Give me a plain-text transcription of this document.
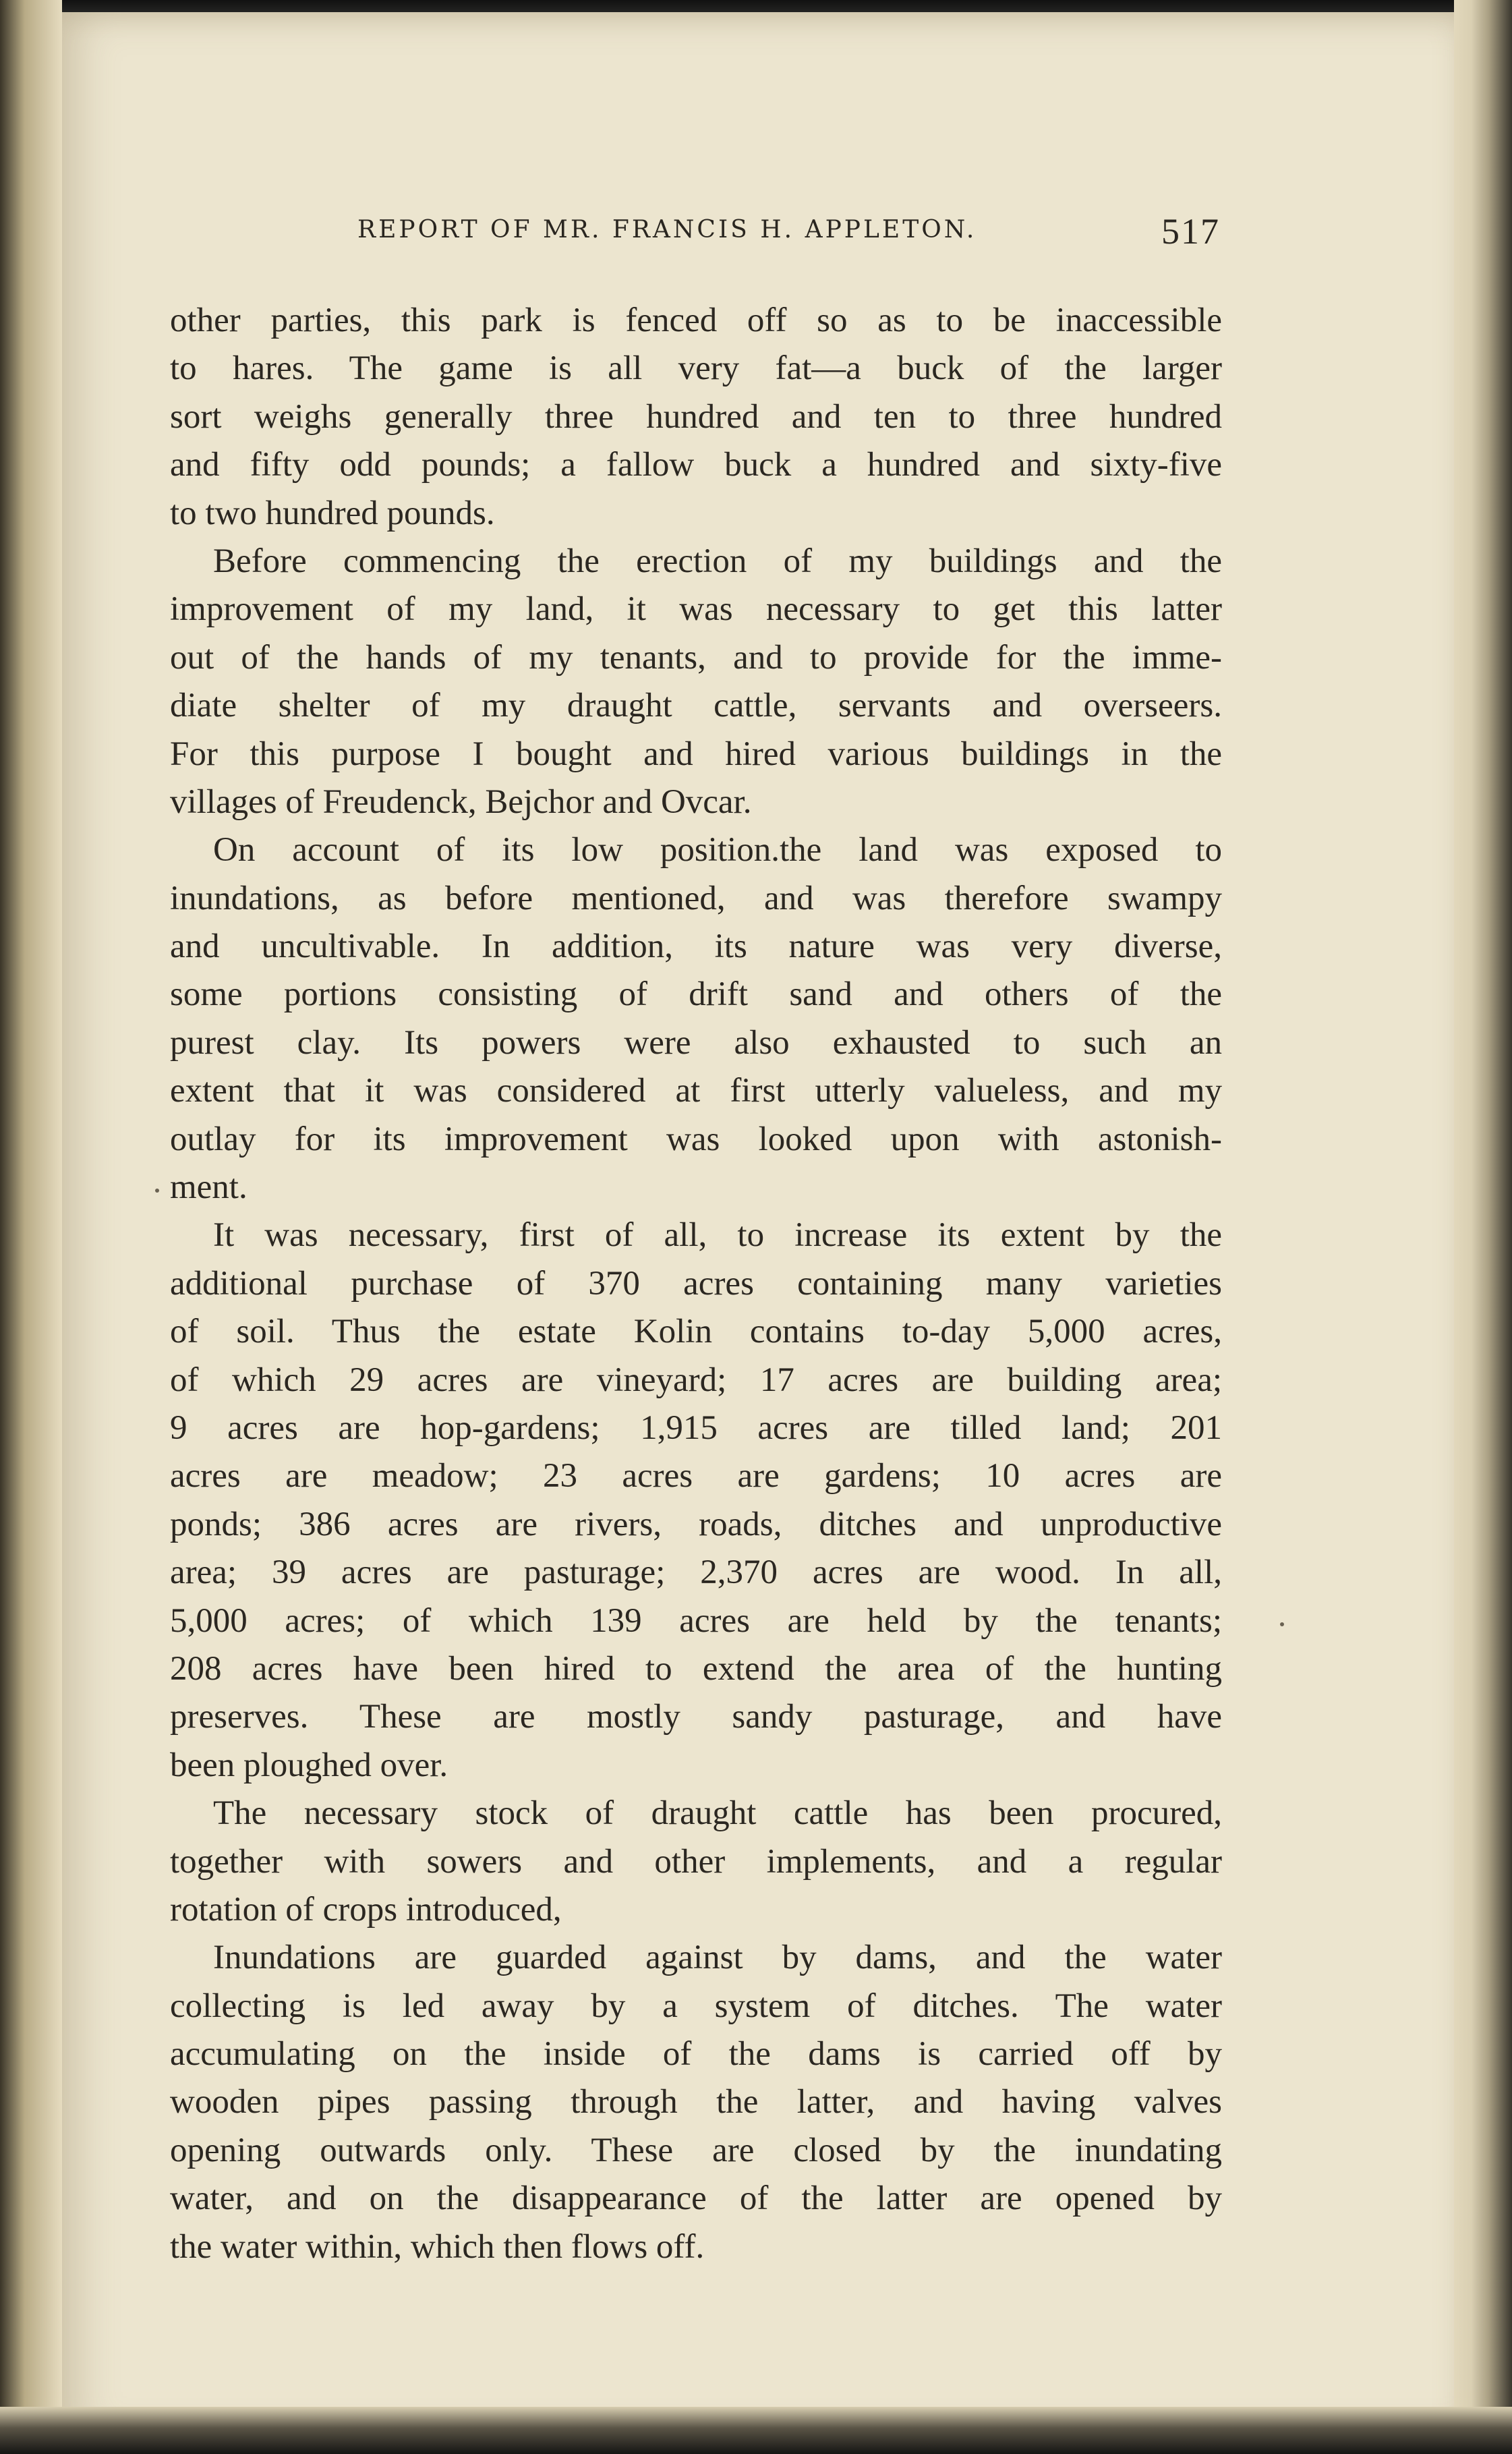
REPORT OF MR. FRANCIS H. APPLETON.	517
other parties, this park is fenced off so as to be inaccessible
to hares. The game is all very fat—a buck of the larger
sort weighs generally three hundred and ten to three hundred
and fifty odd pounds; a fallow buck a hundred and sixty-five
to two hundred pounds.
Before commencing the erection of my buildings and the
improvement of my land, it was necessary to get this latter
out of the hands of my tenants, and to provide for the imme-
diate shelter of my draught cattle, servants and overseers.
For this purpose I bought and hired various buildings in the
villages of Freudenck, Bejchor and Ovcar.
On account of its low position.the land was exposed to
inundations, as before mentioned, and was therefore swampy
and uncultivable. In addition, its nature was very diverse,
some portions consisting of drift sand and others of the
purest clay. Its powers were also exhausted to such an
extent that it was considered at first utterly valueless, and my
outlay for its improvement was looked upon with astonish-
ment.
It was necessary, first of all, to increase its extent by the
additional purchase of 370 acres containing many varieties
of soil. Thus the estate Kolin contains to-day 5,000 acres,
of which 29 acres are vineyard; 17 acres are building area;
9 acres are hop-gardens; 1,915 acres are tilled land; 201
acres are meadow; 23 acres are gardens; 10 acres are
ponds; 386 acres are rivers, roads, ditches and unproductive
area; 39 acres are pasturage; 2,370 acres are wood. In all,
5,000 acres; of which 139 acres are held by the tenants;
208 acres have been hired to extend the area of the hunting
preserves. These are mostly sandy pasturage, and have
been ploughed over.
The necessary stock of draught cattle has been procured,
together with sowers and other implements, and a regular
rotation of crops introduced,
Inundations are guarded against by dams, and the water
collecting is led away by a system of ditches. The water
accumulating on the inside of the dams is carried off by
wooden pipes passing through the latter, and having valves
opening outwards only. These are closed by the inundating
water, and on the disappearance of the latter are opened by
the water within, which then flows off.
